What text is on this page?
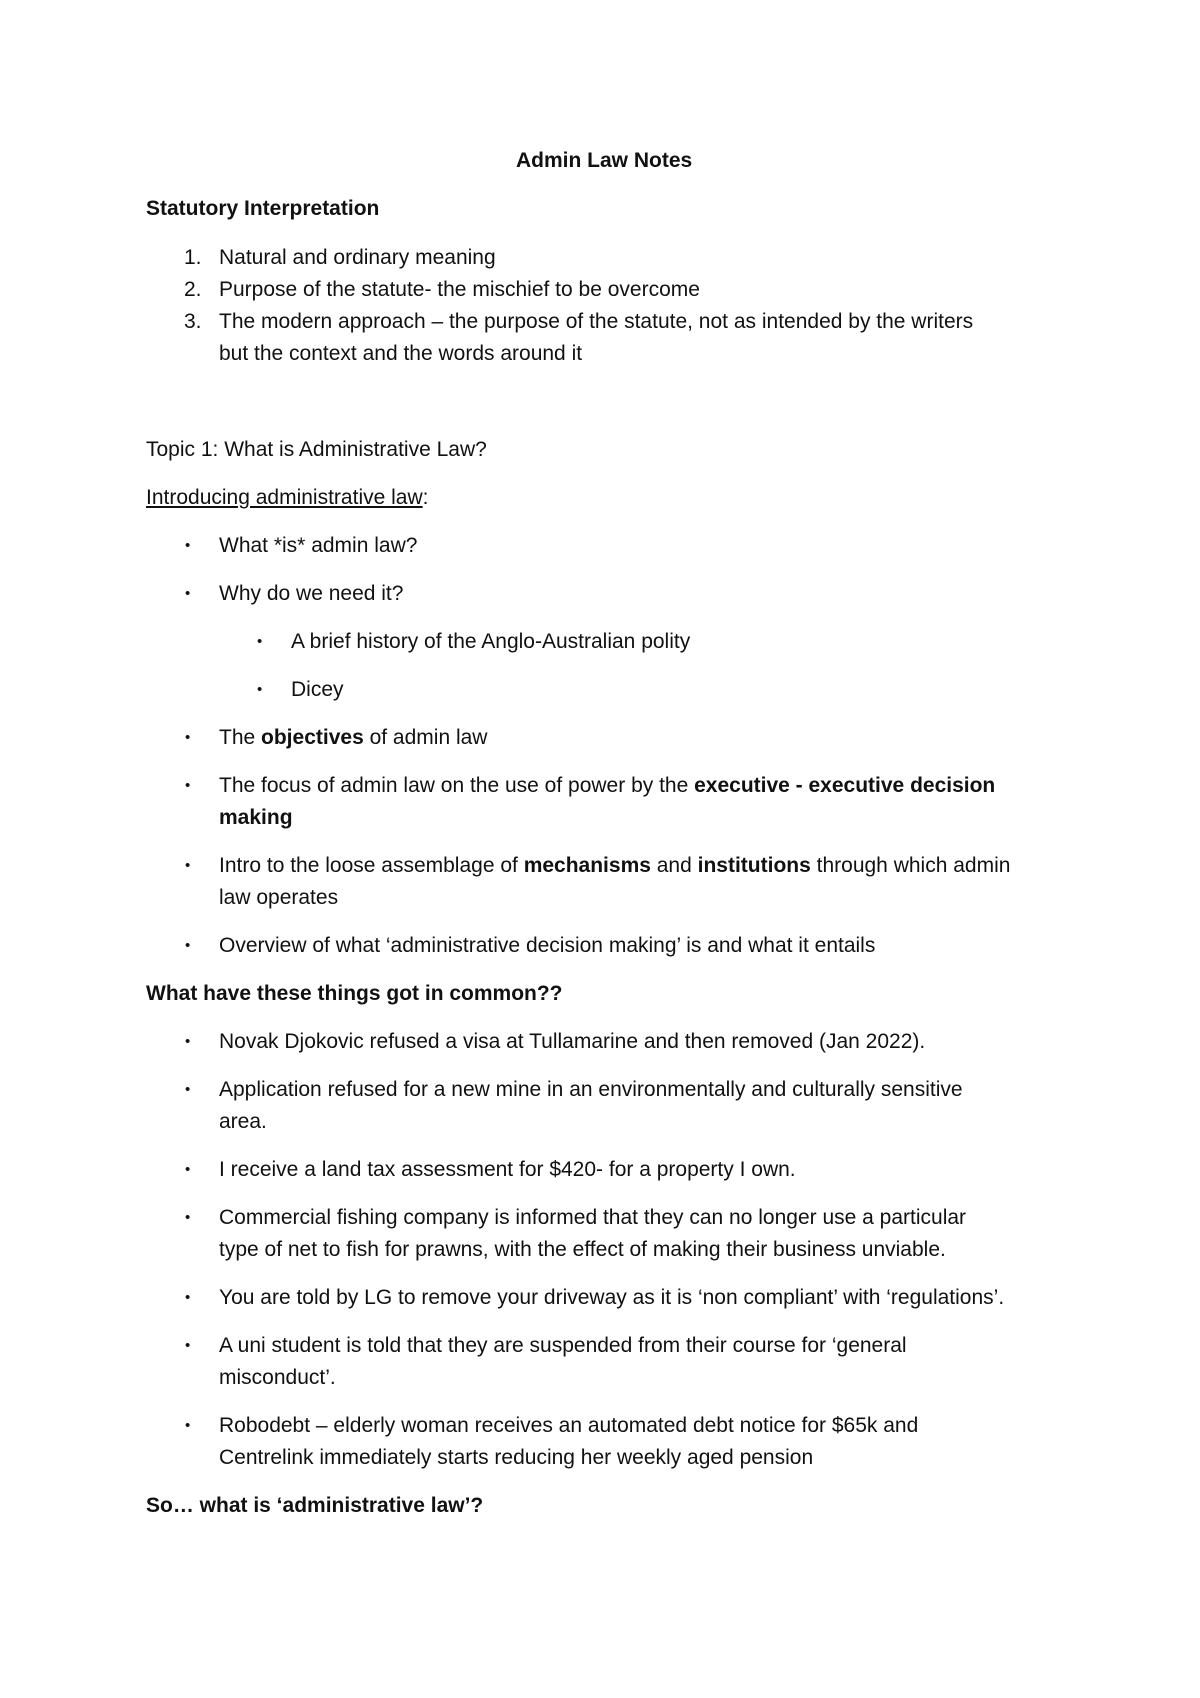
Admin Law Notes
Statutory Interpretation
1. Natural and ordinary meaning
2. Purpose of the statute- the mischief to be overcome
3. The modern approach – the purpose of the statute, not as intended by the writers
but the context and the words around it
Topic 1: What is Administrative Law?
Introducing administrative law:
• What *is* admin law?
• Why do we need it?
• A brief history of the Anglo-Australian polity
• Dicey
• The objectives of admin law
• The focus of admin law on the use of power by the executive - executive decision
making
• Intro to the loose assemblage of mechanisms and institutions through which admin
law operates
• Overview of what ‘administrative decision making’ is and what it entails
What have these things got in common??
• Novak Djokovic refused a visa at Tullamarine and then removed (Jan 2022).
• Application refused for a new mine in an environmentally and culturally sensitive
area.
• I receive a land tax assessment for $420- for a property I own.
• Commercial fishing company is informed that they can no longer use a particular
type of net to fish for prawns, with the effect of making their business unviable.
• You are told by LG to remove your driveway as it is ‘non compliant’ with ‘regulations’.
• A uni student is told that they are suspended from their course for ‘general
misconduct’.
• Robodebt – elderly woman receives an automated debt notice for $65k and
Centrelink immediately starts reducing her weekly aged pension
So… what is ‘administrative law’?
